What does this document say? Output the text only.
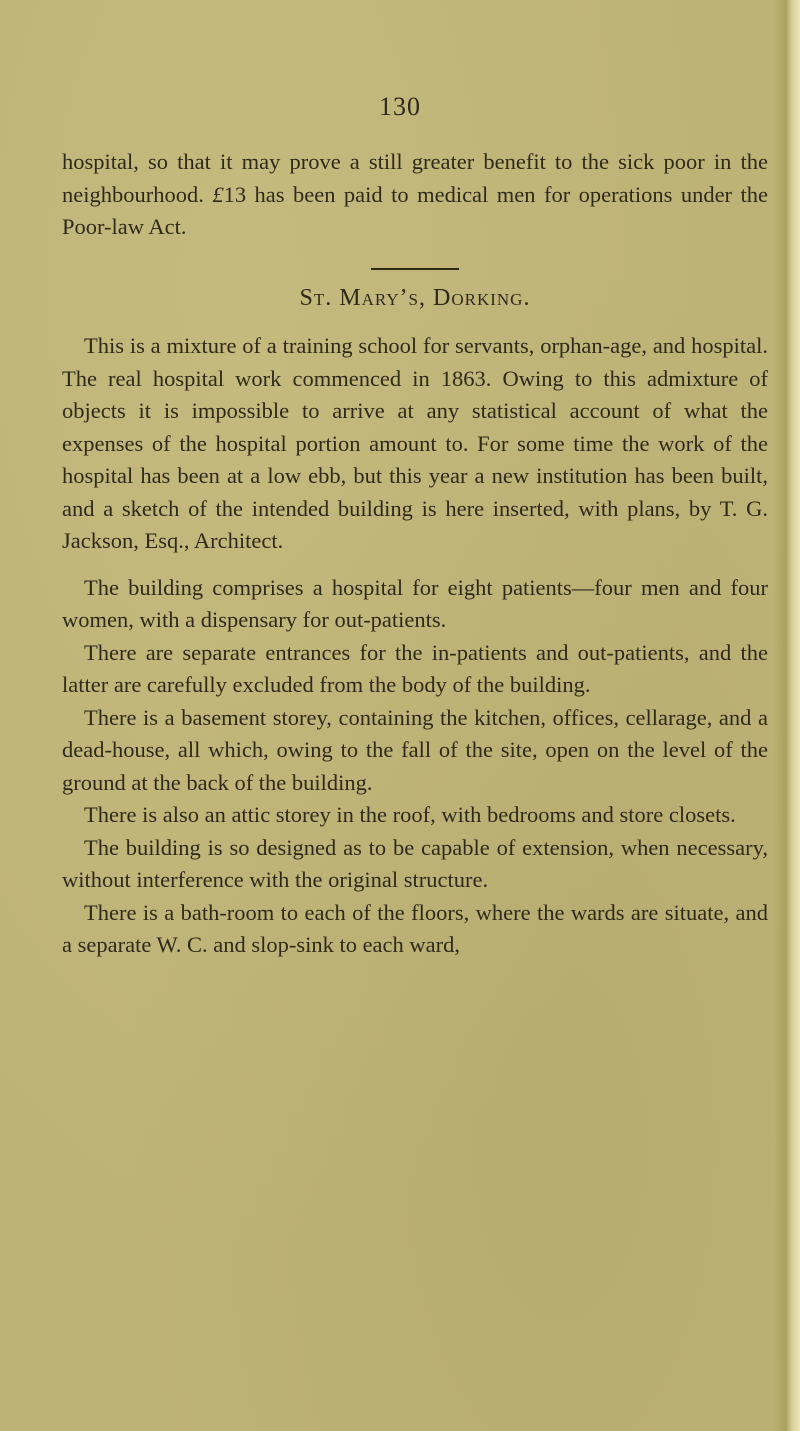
130

hospital, so that it may prove a still greater benefit to the sick poor in the neighbourhood. £13 has been paid to medical men for operations under the Poor-law Act.

St. Mary’s, Dorking.

This is a mixture of a training school for servants, orphan-age, and hospital. The real hospital work commenced in 1863. Owing to this admixture of objects it is impossible to arrive at any statistical account of what the expenses of the hospital portion amount to. For some time the work of the hospital has been at a low ebb, but this year a new institution has been built, and a sketch of the intended building is here inserted, with plans, by T. G. Jackson, Esq., Architect.

The building comprises a hospital for eight patients—four men and four women, with a dispensary for out-patients.

There are separate entrances for the in-patients and out-patients, and the latter are carefully excluded from the body of the building.

There is a basement storey, containing the kitchen, offices, cellarage, and a dead-house, all which, owing to the fall of the site, open on the level of the ground at the back of the building.

There is also an attic storey in the roof, with bedrooms and store closets.

The building is so designed as to be capable of extension, when necessary, without interference with the original structure.

There is a bath-room to each of the floors, where the wards are situate, and a separate W. C. and slop-sink to each ward,
